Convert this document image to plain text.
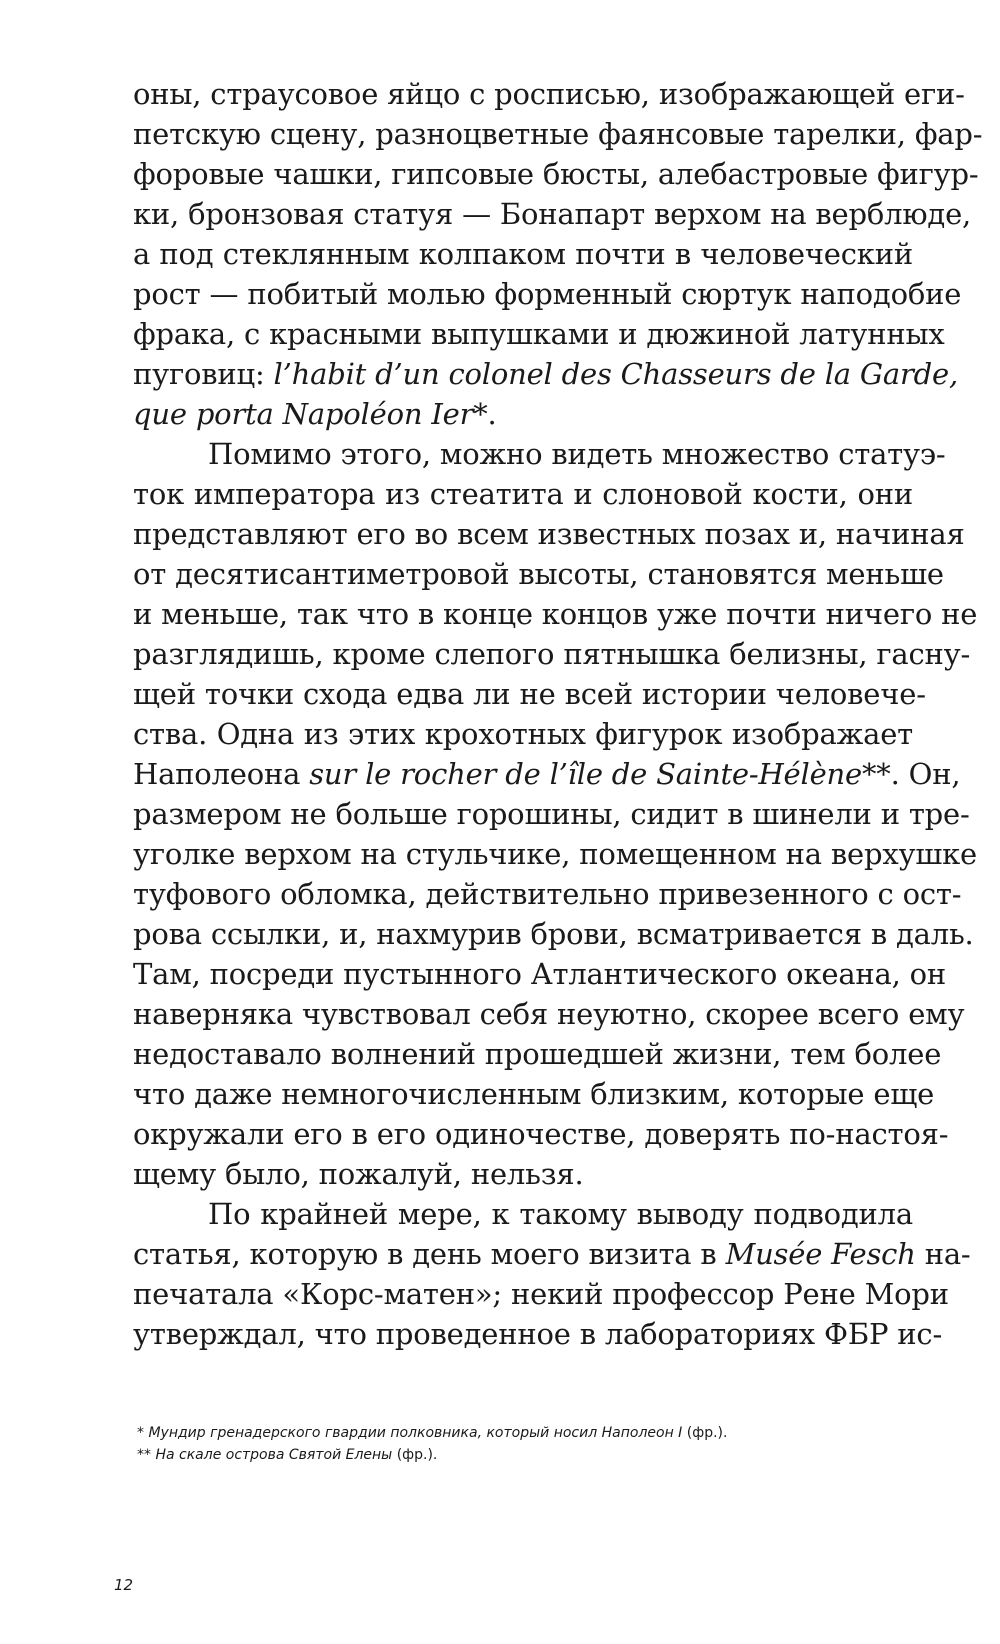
оны, страусовое яйцо с росписью, изображающей еги-
петскую сцену, разноцветные фаянсовые тарелки, фар-
форовые чашки, гипсовые бюсты, алебастровые фигур-
ки, бронзовая статуя — Бонапарт верхом на верблюде,
а под стеклянным колпаком почти в человеческий
рост — побитый молью форменный сюртук наподобие
фрака, с красными выпушками и дюжиной латунных
пуговиц: l’habit d’un colonel des Chasseurs de la Garde,
que porta Napoléon Ier*.
Помимо этого, можно видеть множество статуэ-
ток императора из стеатита и слоновой кости, они
представляют его во всем известных позах и, начиная
от десятисантиметровой высоты, становятся меньше
и меньше, так что в конце концов уже почти ничего не
разглядишь, кроме слепого пятнышка белизны, гасну-
щей точки схода едва ли не всей истории человече-
ства. Одна из этих крохотных фигурок изображает
Наполеона sur le rocher de l’île de Sainte-Hélène**. Он,
размером не больше горошины, сидит в шинели и тре-
уголке верхом на стульчике, помещенном на верхушке
туфового обломка, действительно привезенного с ост-
рова ссылки, и, нахмурив брови, всматривается в даль.
Там, посреди пустынного Атлантического океана, он
наверняка чувствовал себя неуютно, скорее всего ему
недоставало волнений прошедшей жизни, тем более
что даже немногочисленным близким, которые еще
окружали его в его одиночестве, доверять по-настоя-
щему было, пожалуй, нельзя.
По крайней мере, к такому выводу подводила
статья, которую в день моего визита в Musée Fesch на-
печатала «Корс-матен»; некий профессор Рене Мори
утверждал, что проведенное в лабораториях ФБР ис-
* Мундир гренадерского гвардии полковника, который носил Наполеон I (фр.).
** На скале острова Святой Елены (фр.).
12
